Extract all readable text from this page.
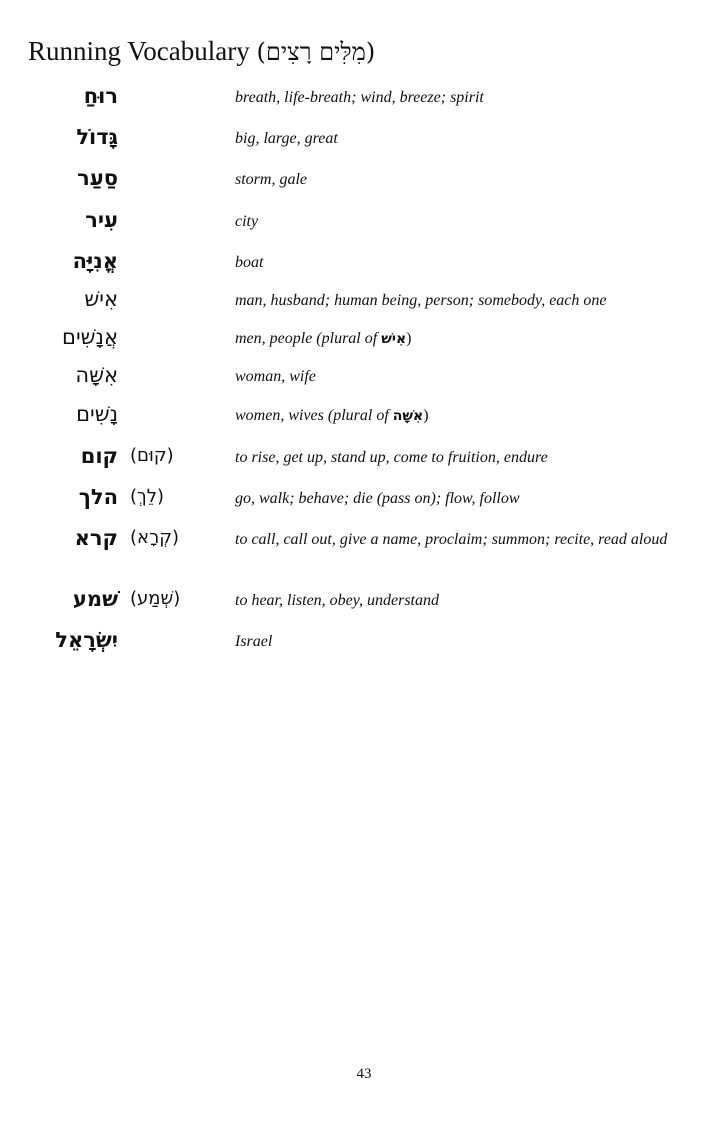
Running Vocabulary (מִלִּים רָצִים)
רוּחַ	breath, life-breath; wind, breeze; spirit
גָּדוֹל	big, large, great
סַעַר	storm, gale
עִיר	city
אֳנִיָּה	boat
אִישׁ	man, husband; human being, person; somebody, each one
אֲנָשִׁים	men, people (plural of אִישׁ)
אִשָּׁה	woman, wife
נָשִׁים	women, wives (plural of אִשָּׁה)
קום (קוּם)	to rise, get up, stand up, come to fruition, endure
הלך (לֵךְ)	go, walk; behave; die (pass on); flow, follow
קרא (קְרָא)	to call, call out, give a name, proclaim; summon; recite, read aloud
שׁמע (שְׁמַע)	to hear, listen, obey, understand
יִשְׂרָאֵל	Israel
43
